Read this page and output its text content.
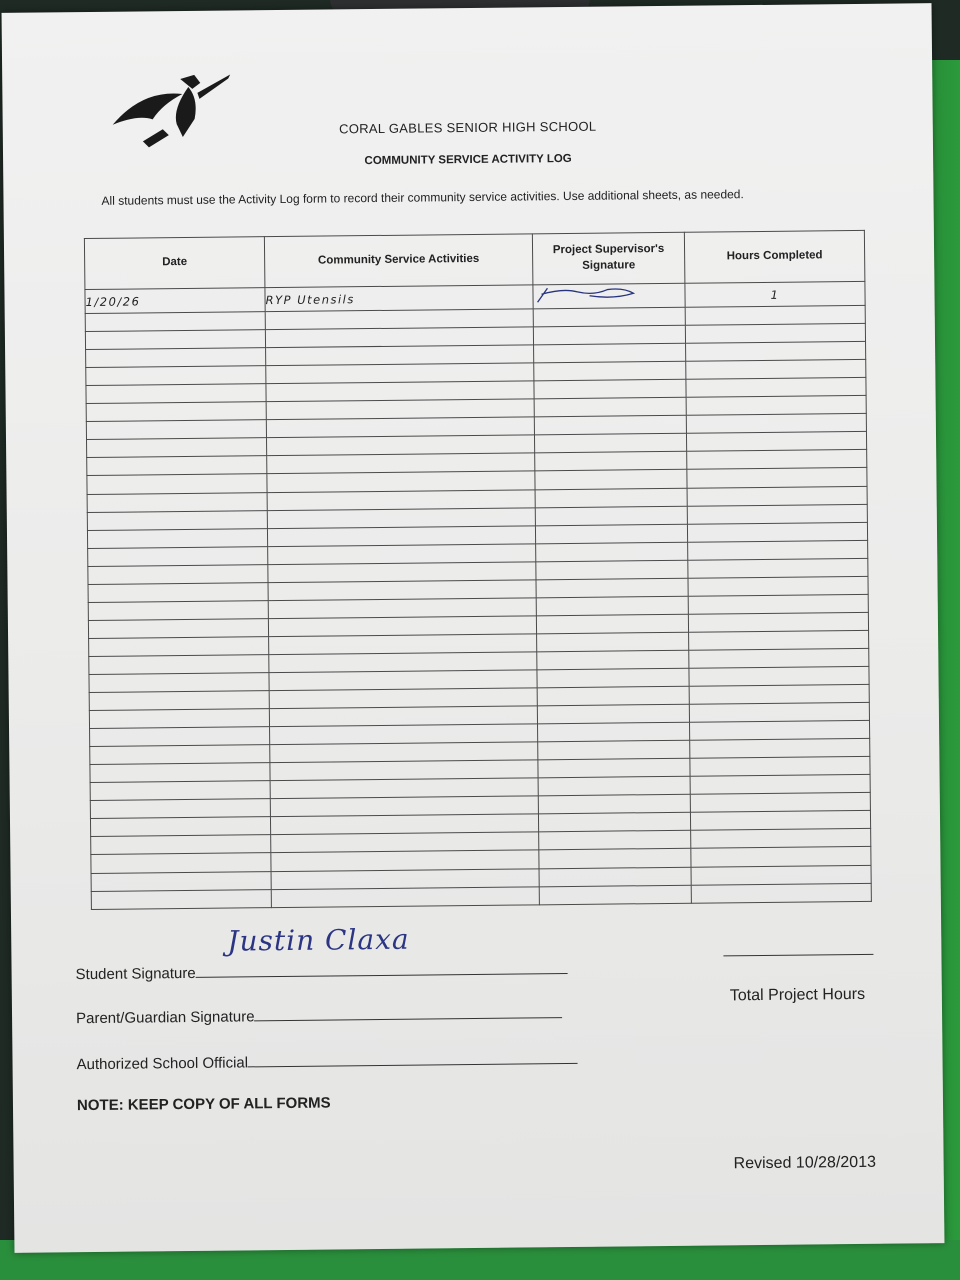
CORAL GABLES SENIOR HIGH SCHOOL
COMMUNITY SERVICE ACTIVITY LOG
All students must use the Activity Log form to record their community service activities. Use additional sheets, as needed.
Date	Community Service Activities	Project Supervisor's Signature	Hours Completed
1/20/26	RYP Utensils		1

Student Signature
Justin Claxa
Parent/Guardian Signature
Authorized School Official
Total Project Hours
NOTE: KEEP COPY OF ALL FORMS
Revised 10/28/2013
